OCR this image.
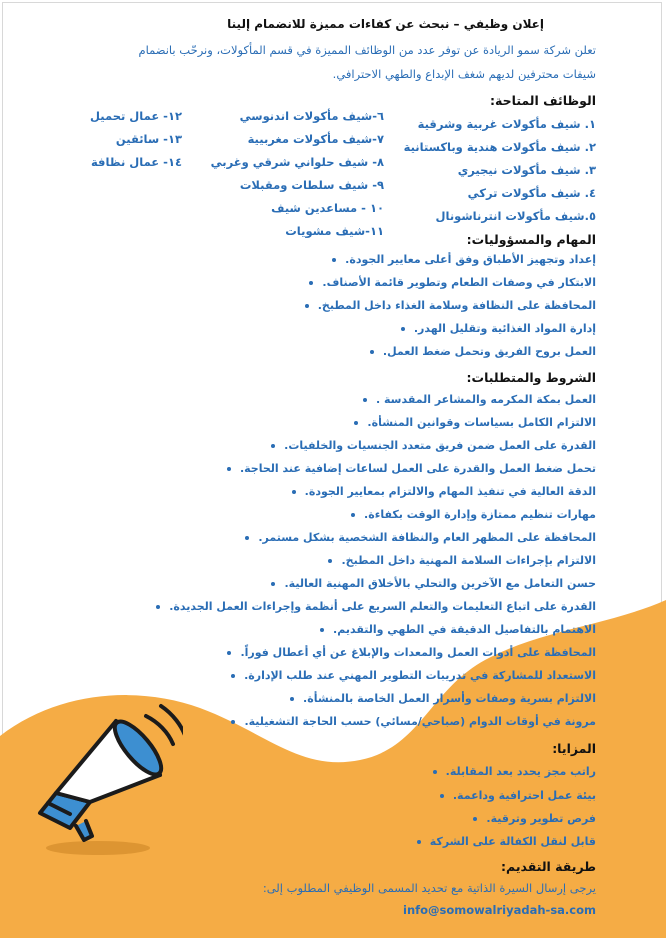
إعلان وظيفي – نبحث عن كفاءات مميزة للانضمام إلينا
تعلن شركة سمو الريادة عن توفر عدد من الوظائف المميزة في قسم المأكولات، ونرحّب بانضمام
شيفات محترفين لديهم شغف الإبداع والطهي الاحترافي.
الوظائف المتاحة:
١. شيف مأكولات غربية وشرقية
٢. شيف مأكولات هندية وباكستانية
٣. شيف مأكولات نيجيري
٤. شيف مأكولات تركي
٥.شيف مأكولات انترناشونال
٦-شيف مأكولات اندنوسي
٧-شيف مأكولات مغربيية
٨- شيف حلواني شرقي وغربي
٩- شيف سلطات ومقبلات
١٠ - مساعدين شيف
١١-شيف مشويات
١٢- عمال تحميل
١٣- سائقين
١٤- عمال نظافة
المهام والمسؤوليات:
إعداد وتجهيز الأطباق وفق أعلى معايير الجودة.
الابتكار في وصفات الطعام وتطوير قائمة الأصناف.
المحافظة على النظافة وسلامة الغذاء داخل المطبخ.
إدارة المواد الغذائية وتقليل الهدر.
العمل بروح الفريق وتحمل ضغط العمل.
الشروط والمتطلبات:
العمل بمكة المكرمه والمشاعر المقدسة .
الالتزام الكامل بسياسات وقوانين المنشأة.
القدرة على العمل ضمن فريق متعدد الجنسيات والخلفيات.
تحمل ضغط العمل والقدرة على العمل لساعات إضافية عند الحاجة.
الدقة العالية في تنفيذ المهام والالتزام بمعايير الجودة.
مهارات تنظيم ممتازة وإدارة الوقت بكفاءة.
المحافظة على المظهر العام والنظافة الشخصية بشكل مستمر.
الالتزام بإجراءات السلامة المهنية داخل المطبخ.
حسن التعامل مع الآخرين والتحلي بالأخلاق المهنية العالية.
القدرة على اتباع التعليمات والتعلم السريع على أنظمة وإجراءات العمل الجديدة.
الاهتمام بالتفاصيل الدقيقة في الطهي والتقديم.
المحافظة على أدوات العمل والمعدات والإبلاغ عن أي أعطال فوراً.
الاستعداد للمشاركة في تدريبات التطوير المهني عند طلب الإدارة.
الالتزام بسرية وصفات وأسرار العمل الخاصة بالمنشأة.
مرونة في أوقات الدوام (صباحي/مسائي) حسب الحاجة التشغيلية.
المزايا:
راتب مجز يحدد بعد المقابلة.
بيئة عمل احترافية وداعمة.
فرص تطوير وترقية.
قابل لنقل الكفالة على الشركة
طريقة التقديم:
يرجى إرسال السيرة الذاتية مع تحديد المسمى الوظيفي المطلوب إلى:
info@somowalriyadah-sa.com
